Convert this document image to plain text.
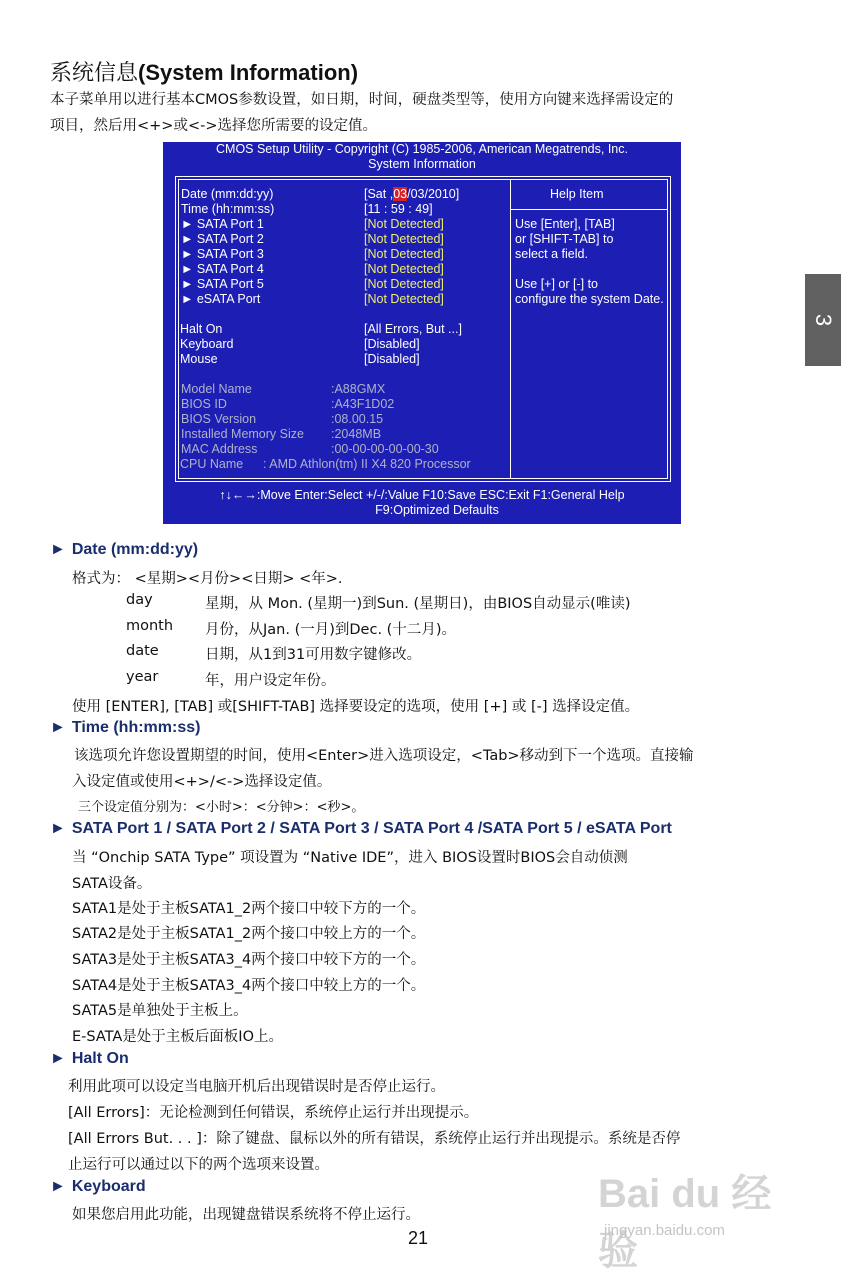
系统信息(System Information)
本子菜单用以进行基本CMOS参数设置，如日期，时间，硬盘类型等，使用方向键来选择需设定的
项目，然后用<+>或<->选择您所需要的设定值。
CMOS Setup Utility - Copyright (C) 1985-2006, American Megatrends, Inc.
System Information
Date (mm:dd:yy)	[Sat ,03/03/2010]
Time (hh:mm:ss)	[11 : 59 : 49]
► SATA Port 1	[Not Detected]
► SATA Port 2	[Not Detected]
► SATA Port 3	[Not Detected]
► SATA Port 4	[Not Detected]
► SATA Port 5	[Not Detected]
► eSATA Port	[Not Detected]
Halt On	[All Errors, But ...]
Keyboard	[Disabled]
Mouse	[Disabled]
Model Name	:A88GMX
BIOS ID	:A43F1D02
BIOS Version	:08.00.15
Installed Memory Size :2048MB
MAC Address	:00-00-00-00-00-30
CPU Name : AMD Athlon(tm) II X4 820 Processor
Help Item
Use [Enter], [TAB]
or [SHIFT-TAB] to
select a field.
Use [+] or [-] to
configure the system Date.
↑↓←→:Move Enter:Select +/-/:Value F10:Save ESC:Exit F1:General Help
F9:Optimized Defaults
3
► Date (mm:dd:yy)
格式为： <星期><月份><日期> <年>.
day	星期，从 Mon. (星期一)到Sun. (星期日)，由BIOS自动显示(唯读)
month 月份，从Jan. (一月)到Dec. (十二月)。
date	日期，从1到31可用数字键修改。
year	年，用户设定年份。
使用 [ENTER], [TAB] 或[SHIFT-TAB] 选择要设定的选项，使用 [+] 或 [-] 选择设定值。
► Time (hh:mm:ss)
该选项允许您设置期望的时间，使用<Enter>进入选项设定，<Tab>移动到下一个选项。直接输
入设定值或使用<+>/<->选择设定值。
三个设定值分别为：<小时>：<分钟>：<秒>。
► SATA Port 1 / SATA Port 2 / SATA Port 3 / SATA Port 4 /SATA Port 5 / eSATA Port
当 “Onchip SATA Type” 项设置为 “Native IDE”，进入 BIOS设置时BIOS会自动侦测
SATA设备。
SATA1是处于主板SATA1_2两个接口中较下方的一个。
SATA2是处于主板SATA1_2两个接口中较上方的一个。
SATA3是处于主板SATA3_4两个接口中较下方的一个。
SATA4是处于主板SATA3_4两个接口中较上方的一个。
SATA5是单独处于主板上。
E-SATA是处于主板后面板IO上。
► Halt On
利用此项可以设定当电脑开机后出现错误时是否停止运行。
[All Errors]：无论检测到任何错误，系统停止运行并出现提示。
[All Errors But. . . ]：除了键盘、鼠标以外的所有错误，系统停止运行并出现提示。系统是否停
止运行可以通过以下的两个选项来设置。
► Keyboard
如果您启用此功能，出现键盘错误系统将不停止运行。
21
Bai du 经验
jingyan.baidu.com
